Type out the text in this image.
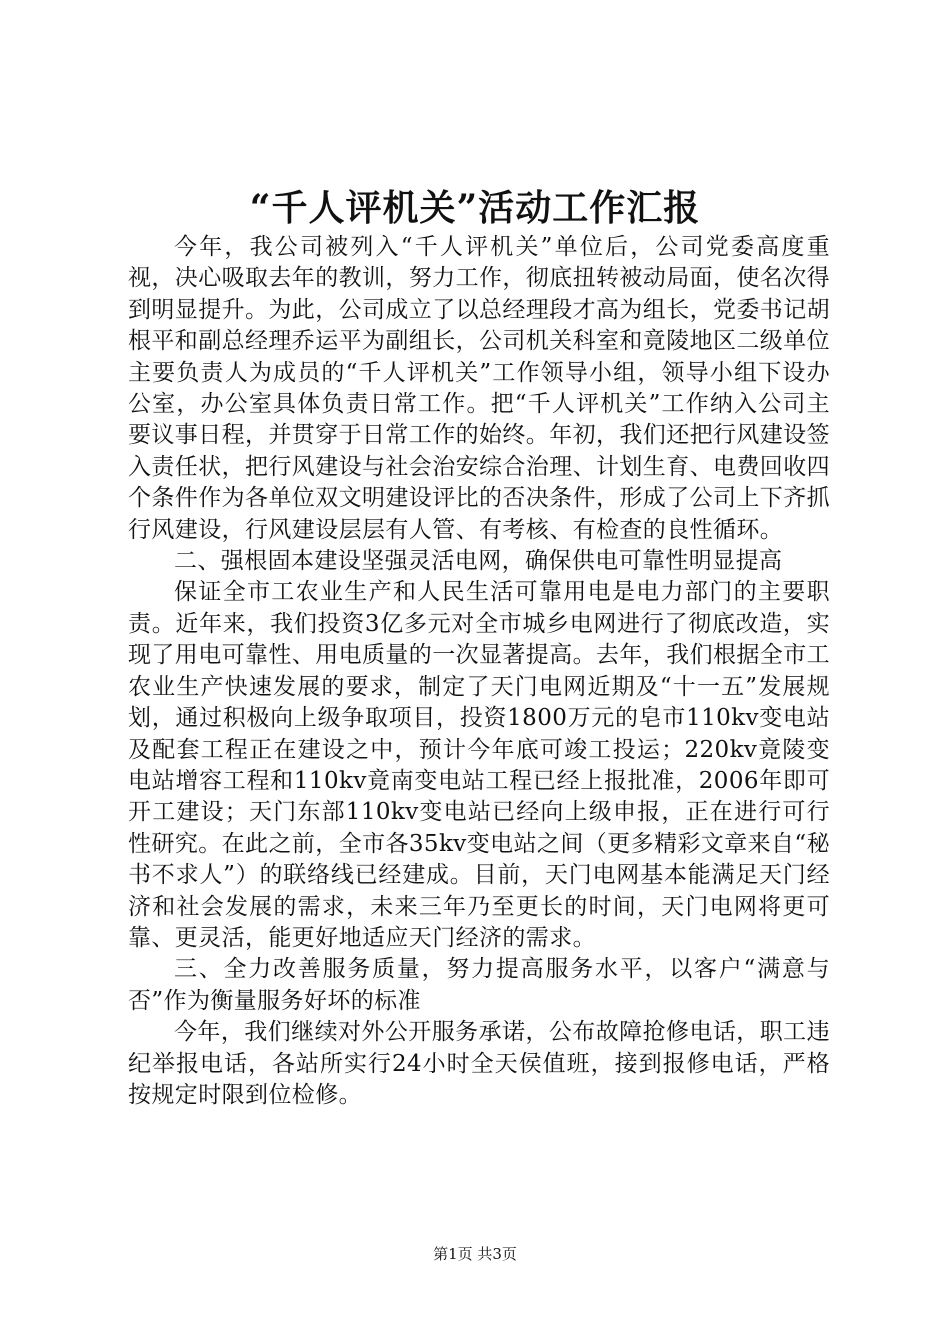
“千人评机关”活动工作汇报

今年，我公司被列入“千人评机关”单位后，公司党委高度重视，决心吸取去年的教训，努力工作，彻底扭转被动局面，使名次得到明显提升。为此，公司成立了以总经理段才高为组长，党委书记胡根平和副总经理乔运平为副组长，公司机关科室和竟陵地区二级单位主要负责人为成员的“千人评机关”工作领导小组，领导小组下设办公室，办公室具体负责日常工作。把“千人评机关”工作纳入公司主要议事日程，并贯穿于日常工作的始终。年初，我们还把行风建设签入责任状，把行风建设与社会治安综合治理、计划生育、电费回收四个条件作为各单位双文明建设评比的否决条件，形成了公司上下齐抓行风建设，行风建设层层有人管、有考核、有检查的良性循环。

二、强根固本建设坚强灵活电网，确保供电可靠性明显提高

保证全市工农业生产和人民生活可靠用电是电力部门的主要职责。近年来，我们投资3亿多元对全市城乡电网进行了彻底改造，实现了用电可靠性、用电质量的一次显著提高。去年，我们根据全市工农业生产快速发展的要求，制定了天门电网近期及“十一五”发展规划，通过积极向上级争取项目，投资1800万元的皂市110kv变电站及配套工程正在建设之中，预计今年底可竣工投运；220kv竟陵变电站增容工程和110kv竟南变电站工程已经上报批准，2006年即可开工建设；天门东部110kv变电站已经向上级申报，正在进行可行性研究。在此之前，全市各35kv变电站之间（更多精彩文章来自“秘书不求人”）的联络线已经建成。目前，天门电网基本能满足天门经济和社会发展的需求，未来三年乃至更长的时间，天门电网将更可靠、更灵活，能更好地适应天门经济的需求。

三、全力改善服务质量，努力提高服务水平，以客户“满意与否”作为衡量服务好坏的标准

今年，我们继续对外公开服务承诺，公布故障抢修电话，职工违纪举报电话，各站所实行24小时全天侯值班，接到报修电话，严格按规定时限到位检修。

第1页 共3页
